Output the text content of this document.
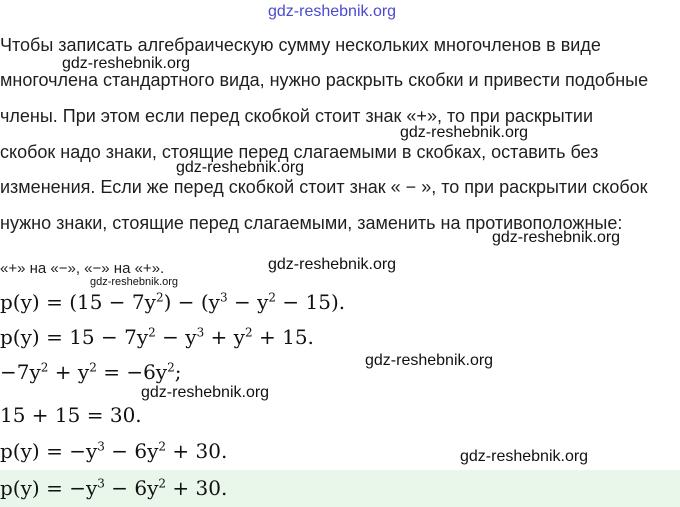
gdz-reshebnik.org
Чтобы записать алгебраическую сумму нескольких многочленов в виде
многочлена стандартного вида, нужно раскрыть скобки и привести подобные
члены. При этом если перед скобкой стоит знак «+», то при раскрытии
скобок надо знаки, стоящие перед слагаемыми в скобках, оставить без
изменения. Если же перед скобкой стоит знак « − », то при раскрытии скобок
нужно знаки, стоящие перед слагаемыми, заменить на противоположные:
«+» на «−», «−» на «+».
$p(y) = (15 - 7y^2) - (y^3 - y^2 - 15)$.
$p(y) = 15 - 7y^2 - y^3 + y^2 + 15$.
$-7y^2 + y^2 = -6y^2$;
15 + 15 = 30.
$p(y) = -y^3 - 6y^2 + 30$.
$p(y) = -y^3 - 6y^2 + 30$.
gdz-reshebnik.org
gdz-reshebnik.org
gdz-reshebnik.org
gdz-reshebnik.org
gdz-reshebnik.org
gdz-reshebnik.org
gdz-reshebnik.org
gdz-reshebnik.org
gdz-reshebnik.org
